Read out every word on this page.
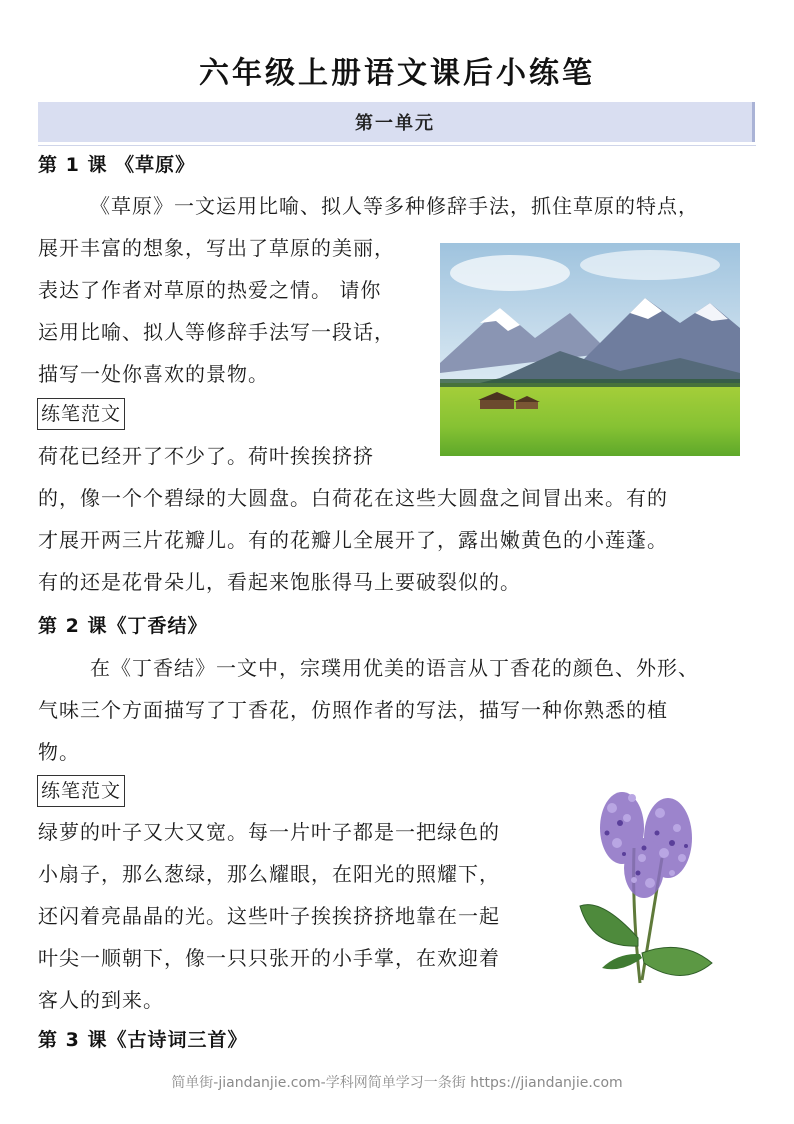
六年级上册语文课后小练笔
第一单元
第 1 课 《草原》
《草原》一文运用比喻、拟人等多种修辞手法，抓住草原的特点，
展开丰富的想象，写出了草原的美丽，
表达了作者对草原的热爱之情。 请你
运用比喻、拟人等修辞手法写一段话，
描写一处你喜欢的景物。
练笔范文
荷花已经开了不少了。荷叶挨挨挤挤
的，像一个个碧绿的大圆盘。白荷花在这些大圆盘之间冒出来。有的
才展开两三片花瓣儿。有的花瓣儿全展开了，露出嫩黄色的小莲蓬。
有的还是花骨朵儿，看起来饱胀得马上要破裂似的。
第 2 课《丁香结》
在《丁香结》一文中，宗璞用优美的语言从丁香花的颜色、外形、
气味三个方面描写了丁香花，仿照作者的写法，描写一种你熟悉的植
物。
练笔范文
绿萝的叶子又大又宽。每一片叶子都是一把绿色的
小扇子，那么葱绿，那么耀眼，在阳光的照耀下，
还闪着亮晶晶的光。这些叶子挨挨挤挤地靠在一起
叶尖一顺朝下，像一只只张开的小手掌，在欢迎着
客人的到来。
第 3 课《古诗词三首》
简单街-jiandanjie.com-学科网简单学习一条街 https://jiandanjie.com
